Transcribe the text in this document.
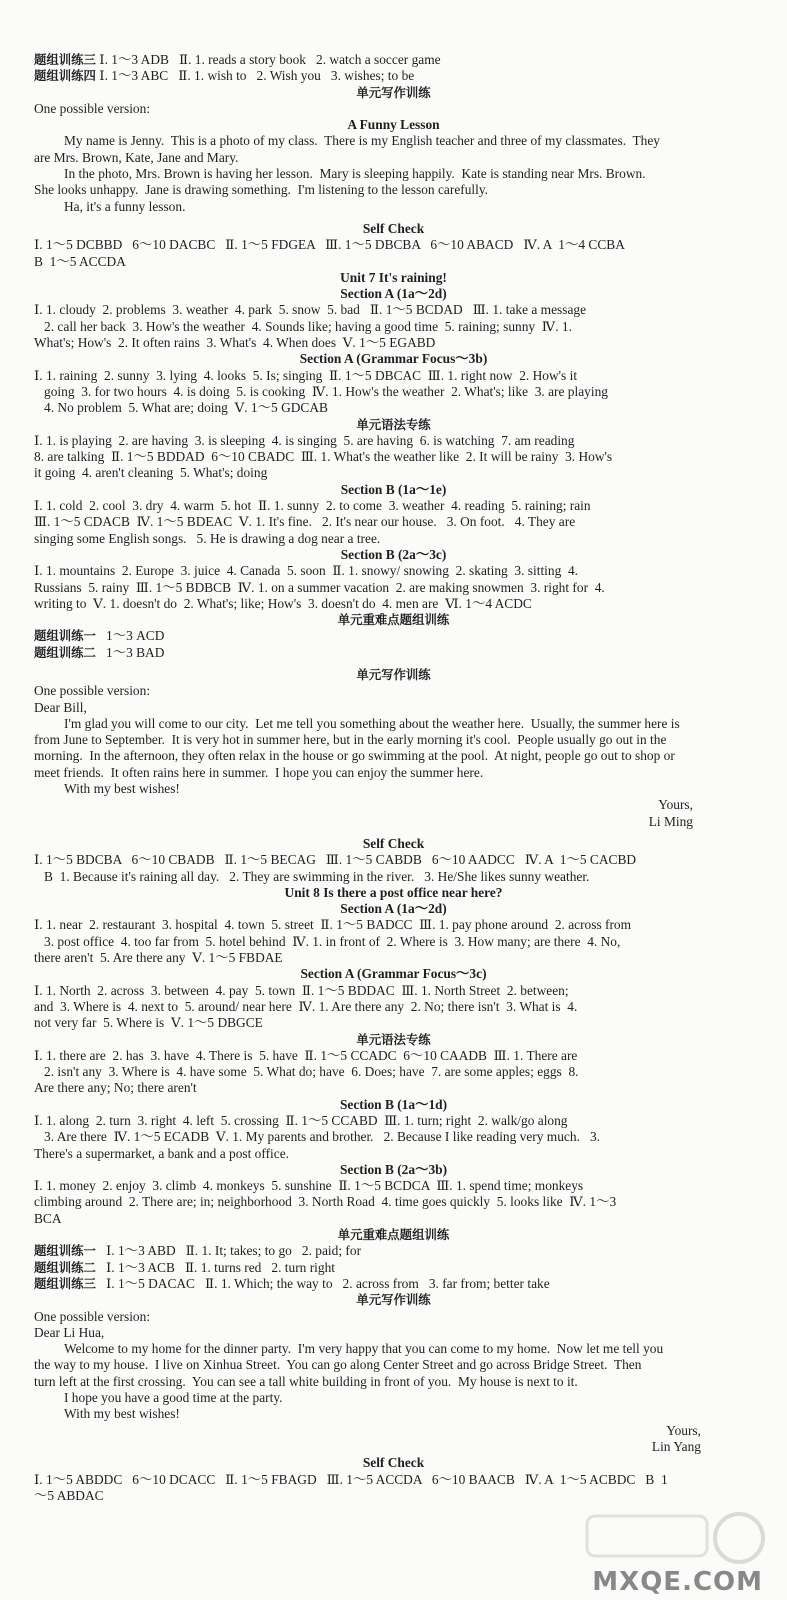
题组训练三 Ⅰ. 1～3 ADB   Ⅱ. 1. reads a story book   2. watch a soccer game
题组训练四 Ⅰ. 1～3 ABC   Ⅱ. 1. wish to   2. Wish you   3. wishes; to be
单元写作训练
One possible version:
A Funny Lesson
My name is Jenny.  This is a photo of my class.  There is my English teacher and three of my classmates.  They
are Mrs. Brown, Kate, Jane and Mary.
In the photo, Mrs. Brown is having her lesson.  Mary is sleeping happily.  Kate is standing near Mrs. Brown.
She looks unhappy.  Jane is drawing something.  I'm listening to the lesson carefully.
Ha, it's a funny lesson.
Self Check
Ⅰ. 1～5 DCBBD   6～10 DACBC   Ⅱ. 1～5 FDGEA   Ⅲ. 1～5 DBCBA   6～10 ABACD   Ⅳ. A  1～4 CCBA
B  1～5 ACCDA
Unit 7 It's raining!
Section A (1a～2d)
Ⅰ. 1. cloudy  2. problems  3. weather  4. park  5. snow  5. bad   Ⅱ. 1～5 BCDAD   Ⅲ. 1. take a message
2. call her back  3. How's the weather  4. Sounds like; having a good time  5. raining; sunny  Ⅳ. 1.
What's; How's  2. It often rains  3. What's  4. When does  Ⅴ. 1～5 EGABD
Section A (Grammar Focus～3b)
Ⅰ. 1. raining  2. sunny  3. lying  4. looks  5. Is; singing  Ⅱ. 1～5 DBCAC  Ⅲ. 1. right now  2. How's it
going  3. for two hours  4. is doing  5. is cooking  Ⅳ. 1. How's the weather  2. What's; like  3. are playing
4. No problem  5. What are; doing  Ⅴ. 1～5 GDCAB
单元语法专练
Ⅰ. 1. is playing  2. are having  3. is sleeping  4. is singing  5. are having  6. is watching  7. am reading
8. are talking  Ⅱ. 1～5 BDDAD  6～10 CBADC  Ⅲ. 1. What's the weather like  2. It will be rainy  3. How's
it going  4. aren't cleaning  5. What's; doing
Section B (1a～1e)
Ⅰ. 1. cold  2. cool  3. dry  4. warm  5. hot  Ⅱ. 1. sunny  2. to come  3. weather  4. reading  5. raining; rain
Ⅲ. 1～5 CDACB  Ⅳ. 1～5 BDEAC  Ⅴ. 1. It's fine.   2. It's near our house.   3. On foot.   4. They are
singing some English songs.   5. He is drawing a dog near a tree.
Section B (2a～3c)
Ⅰ. 1. mountains  2. Europe  3. juice  4. Canada  5. soon  Ⅱ. 1. snowy/ snowing  2. skating  3. sitting  4.
Russians  5. rainy  Ⅲ. 1～5 BDBCB  Ⅳ. 1. on a summer vacation  2. are making snowmen  3. right for  4.
writing to  Ⅴ. 1. doesn't do  2. What's; like; How's  3. doesn't do  4. men are  Ⅵ. 1～4 ACDC
单元重难点题组训练
题组训练一   1～3 ACD
题组训练二   1～3 BAD
单元写作训练
One possible version:
Dear Bill,
I'm glad you will come to our city.  Let me tell you something about the weather here.  Usually, the summer here is
from June to September.  It is very hot in summer here, but in the early morning it's cool.  People usually go out in the
morning.  In the afternoon, they often relax in the house or go swimming at the pool.  At night, people go out to shop or
meet friends.  It often rains here in summer.  I hope you can enjoy the summer here.
With my best wishes!
Yours,
Li Ming
Self Check
Ⅰ. 1～5 BDCBA   6～10 CBADB   Ⅱ. 1～5 BECAG   Ⅲ. 1～5 CABDB   6～10 AADCC   Ⅳ. A  1～5 CACBD
B  1. Because it's raining all day.   2. They are swimming in the river.   3. He/She likes sunny weather.
Unit 8 Is there a post office near here?
Section A (1a～2d)
Ⅰ. 1. near  2. restaurant  3. hospital  4. town  5. street  Ⅱ. 1～5 BADCC  Ⅲ. 1. pay phone around  2. across from
3. post office  4. too far from  5. hotel behind  Ⅳ. 1. in front of  2. Where is  3. How many; are there  4. No,
there aren't  5. Are there any  Ⅴ. 1～5 FBDAE
Section A (Grammar Focus～3c)
Ⅰ. 1. North  2. across  3. between  4. pay  5. town  Ⅱ. 1～5 BDDAC  Ⅲ. 1. North Street  2. between;
and  3. Where is  4. next to  5. around/ near here  Ⅳ. 1. Are there any  2. No; there isn't  3. What is  4.
not very far  5. Where is  Ⅴ. 1～5 DBGCE
单元语法专练
Ⅰ. 1. there are  2. has  3. have  4. There is  5. have  Ⅱ. 1～5 CCADC  6～10 CAADB  Ⅲ. 1. There are
2. isn't any  3. Where is  4. have some  5. What do; have  6. Does; have  7. are some apples; eggs  8.
Are there any; No; there aren't
Section B (1a～1d)
Ⅰ. 1. along  2. turn  3. right  4. left  5. crossing  Ⅱ. 1～5 CCABD  Ⅲ. 1. turn; right  2. walk/go along
3. Are there  Ⅳ. 1～5 ECADB  Ⅴ. 1. My parents and brother.   2. Because I like reading very much.   3.
There's a supermarket, a bank and a post office.
Section B (2a～3b)
Ⅰ. 1. money  2. enjoy  3. climb  4. monkeys  5. sunshine  Ⅱ. 1～5 BCDCA  Ⅲ. 1. spend time; monkeys
climbing around  2. There are; in; neighborhood  3. North Road  4. time goes quickly  5. looks like  Ⅳ. 1～3
BCA
单元重难点题组训练
题组训练一   Ⅰ. 1～3 ABD   Ⅱ. 1. It; takes; to go   2. paid; for
题组训练二   Ⅰ. 1～3 ACB   Ⅱ. 1. turns red   2. turn right
题组训练三   Ⅰ. 1～5 DACAC   Ⅱ. 1. Which; the way to   2. across from   3. far from; better take
单元写作训练
One possible version:
Dear Li Hua,
Welcome to my home for the dinner party.  I'm very happy that you can come to my home.  Now let me tell you
the way to my house.  I live on Xinhua Street.  You can go along Center Street and go across Bridge Street.  Then
turn left at the first crossing.  You can see a tall white building in front of you.  My house is next to it.
I hope you have a good time at the party.
With my best wishes!
Yours,
Lin Yang
Self Check
Ⅰ. 1～5 ABDDC   6～10 DCACC   Ⅱ. 1～5 FBAGD   Ⅲ. 1～5 ACCDA   6～10 BAACB   Ⅳ. A  1～5 ACBDC   B  1
～5 ABDAC
MXQE.COM
